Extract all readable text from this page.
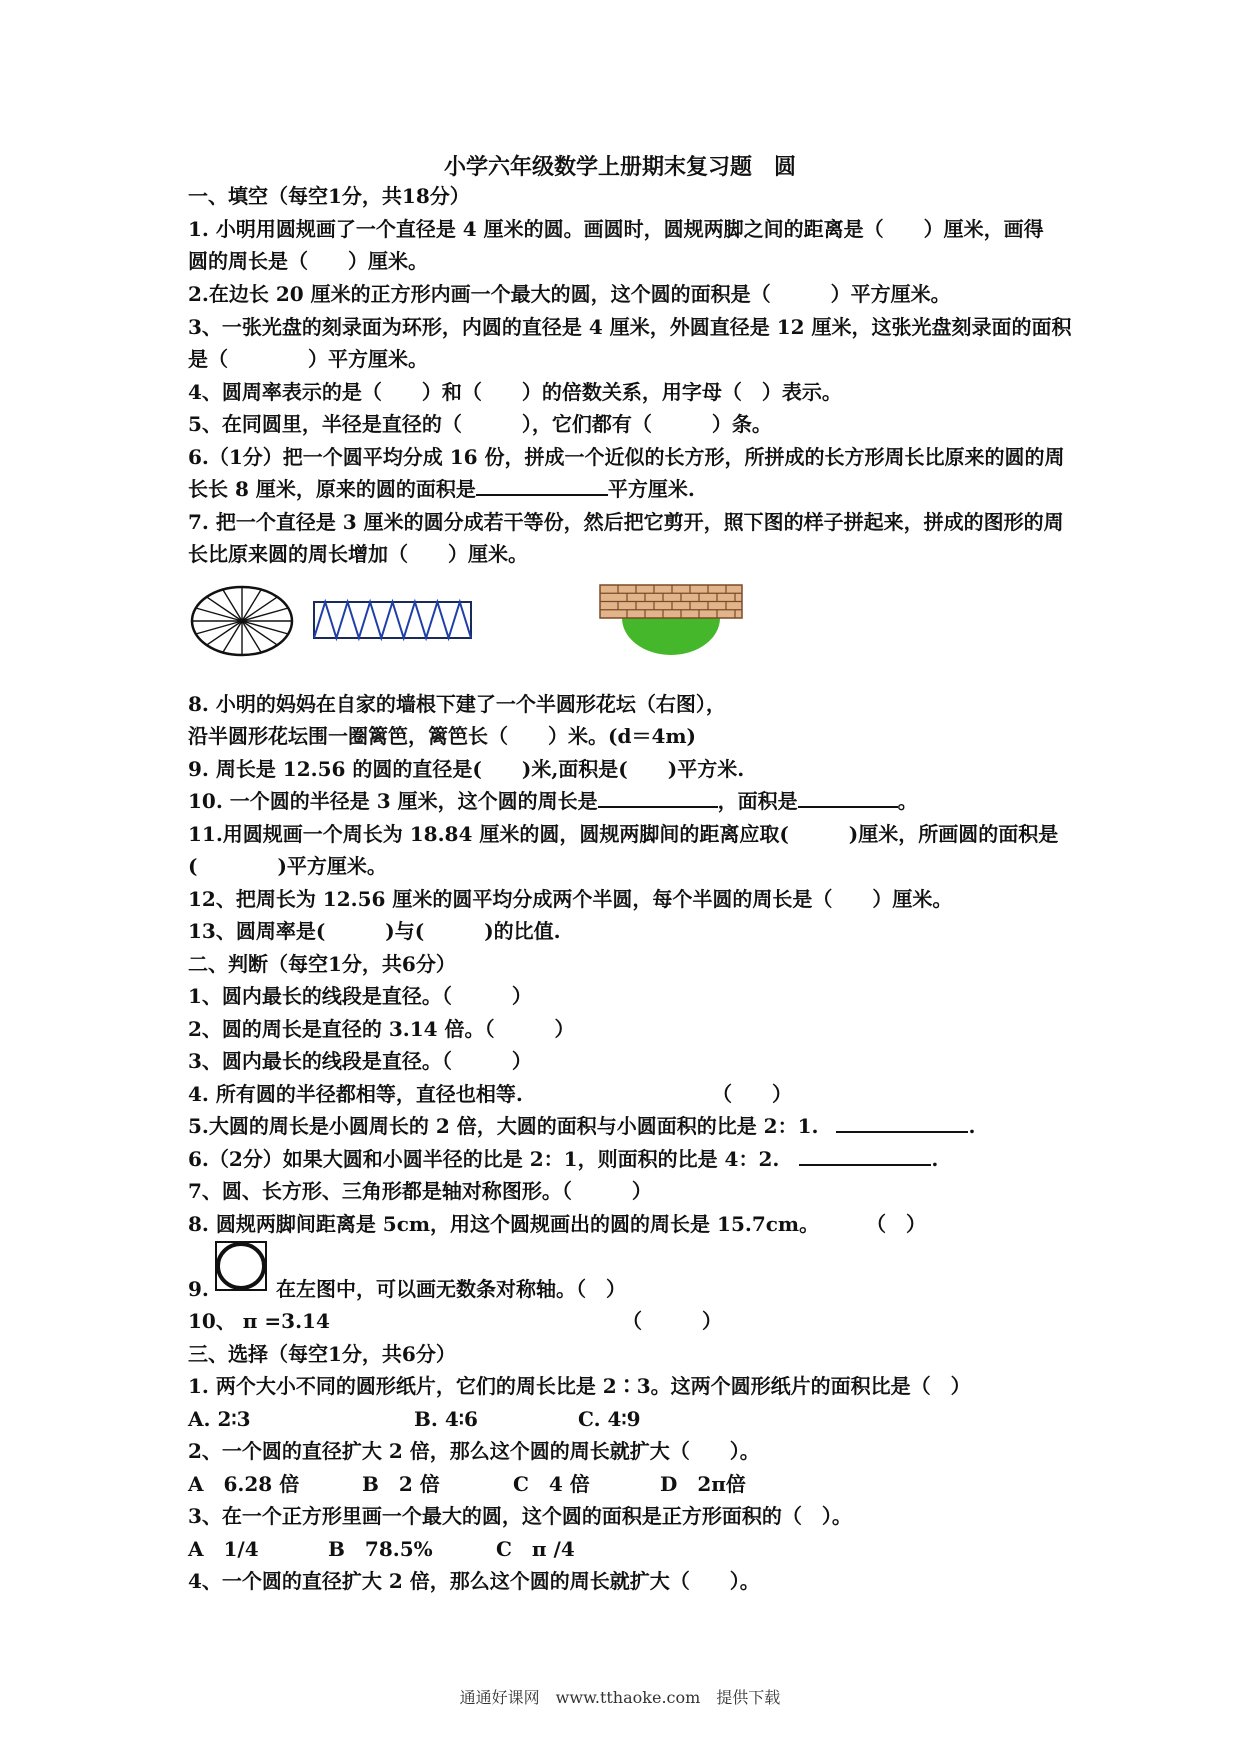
小学六年级数学上册期末复习题　圆
一、填空（每空1分，共18分）
1. 小明用圆规画了一个直径是 4 厘米的圆。画圆时，圆规两脚之间的距离是（　　）厘米，画得
圆的周长是（　　）厘米。
2.在边长 20 厘米的正方形内画一个最大的圆，这个圆的面积是（　　　）平方厘米。
3、一张光盘的刻录面为环形，内圆的直径是 4 厘米，外圆直径是 12 厘米，这张光盘刻录面的面积
是（　　　　）平方厘米。
4、圆周率表示的是（　　）和（　　）的倍数关系，用字母（　）表示。
5、在同圆里，半径是直径的（　　　），它们都有（　　　）条。
6.（1分）把一个圆平均分成 16 份，拼成一个近似的长方形，所拼成的长方形周长比原来的圆的周
长长 8 厘米，原来的圆的面积是	平方厘米.
7. 把一个直径是 3 厘米的圆分成若干等份，然后把它剪开，照下图的样子拼起来，拼成的图形的周
长比原来圆的周长增加（　　）厘米。
8. 小明的妈妈在自家的墙根下建了一个半圆形花坛（右图），
沿半圆形花坛围一圈篱笆，篱笆长（　　）米。(d＝4m)
9. 周长是 12.56 的圆的直径是(　　)米,面积是(　　)平方米.
10. 一个圆的半径是 3 厘米，这个圆的周长是	，面积是	。
11.用圆规画一个周长为 18.84 厘米的圆，圆规两脚间的距离应取(　　　)厘米，所画圆的面积是
(　　　　)平方厘米。
12、把周长为 12.56 厘米的圆平均分成两个半圆，每个半圆的周长是（　　）厘米。
13、圆周率是(　　　)与(　　　)的比值.
二、判断（每空1分，共6分）
1、圆内最长的线段是直径。（　　　）
2、圆的周长是直径的 3.14 倍。（　　　）
3、圆内最长的线段是直径。（　　　）
4. 所有圆的半径都相等，直径也相等.	（　　）
5.大圆的周长是小圆周长的 2 倍，大圆的面积与小圆面积的比是 2：1.	.
6.（2分）如果大圆和小圆半径的比是 2：1，则面积的比是 4：2.	.
7、圆、长方形、三角形都是轴对称图形。（　　　）
8. 圆规两脚间距离是 5cm，用这个圆规画出的圆的周长是 15.7cm。 （　）
9.	在左图中，可以画无数条对称轴。（　）
10、 π =3.14	（　　　）
三、选择（每空1分，共6分）
1. 两个大小不同的圆形纸片，它们的周长比是 2∶3。这两个圆形纸片的面积比是（　）
A. 2∶3	B. 4∶6	C. 4∶9
2、一个圆的直径扩大 2 倍，那么这个圆的周长就扩大（　　）。
A　6.28 倍	B　2 倍	C　4 倍	D　2π倍
3、在一个正方形里画一个最大的圆，这个圆的面积是正方形面积的（　）。
A　1/4	B　78.5%	C　π /4
4、一个圆的直径扩大 2 倍，那么这个圆的周长就扩大（　　）。
通通好课网　www.tthaoke.com　提供下载
